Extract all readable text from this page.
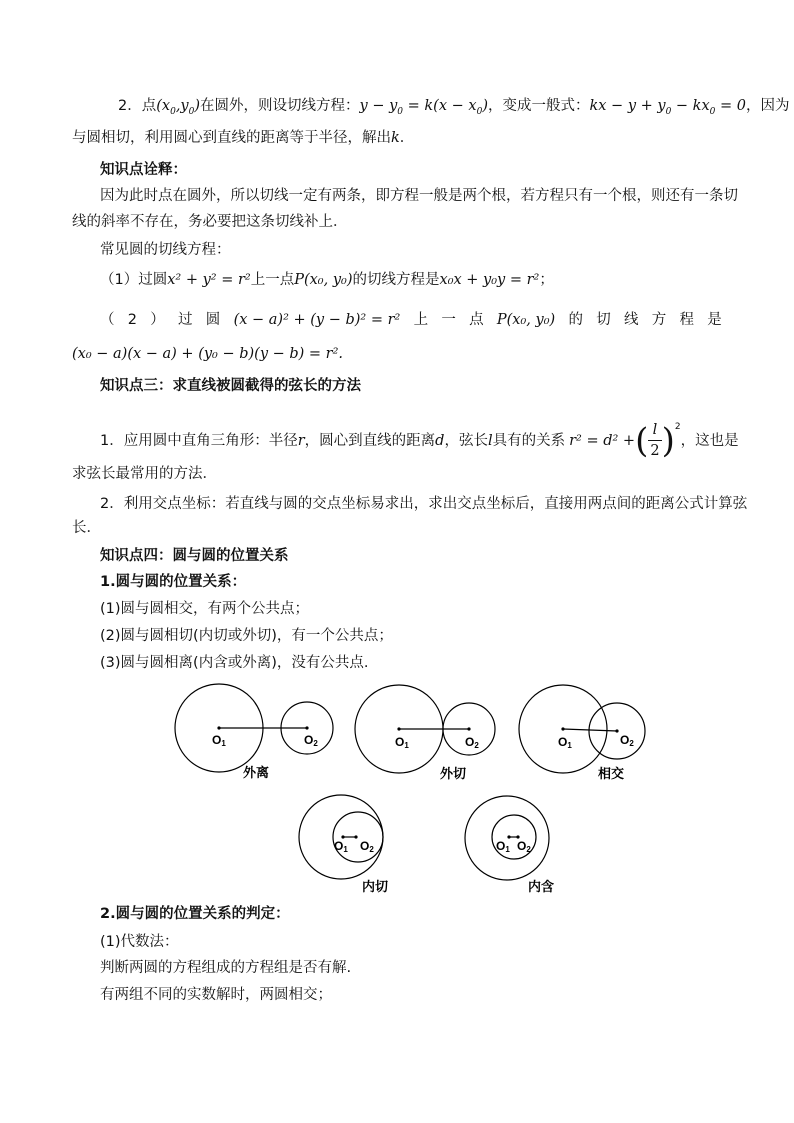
2．点$(x_0,y_0)$在圆外，则设切线方程：$y - y_0 = k(x - x_0)$，变成一般式：kx − $y + y_0 - kx_0 = 0$，因为
与圆相切，利用圆心到直线的距离等于半径，解出k．
知识点诠释：
因为此时点在圆外，所以切线一定有两条，即方程一般是两个根，若方程只有一个根，则还有一条切
线的斜率不存在，务必要把这条切线补上．
常见圆的切线方程：
（1）过圆x² + y² = r²上一点P(x₀, y₀)的切线方程是x₀x + y₀y = r²；
（ 2 ） 过 圆 (x − a)² + (y − b)² = r² 上 一 点 P(x₀, y₀) 的 切 线 方 程 是
(x₀ − a)(x − a) + (y₀ − b)(y − b) = r².
知识点三：求直线被圆截得的弦长的方法
1．应用圆中直角三角形：半径 r ，圆心到直线的距离 d ，弦长 l 具有的关系 r² = d² + ( $\frac{l}{2} )^2$
，这也是
求弦长最常用的方法．
2．利用交点坐标：若直线与圆的交点坐标易求出，求出交点坐标后，直接用两点间的距离公式计算弦
长．
知识点四：圆与圆的位置关系
1.圆与圆的位置关系：
(1)圆与圆相交，有两个公共点；
(2)圆与圆相切(内切或外切)，有一个公共点；
(3)圆与圆相离(内含或外离)，没有公共点.
O1	O2	O1	O2	O1	O2
O1 O2	O1 O2
外离	外切	相交
内切	内含
2.圆与圆的位置关系的判定：
(1)代数法：
判断两圆的方程组成的方程组是否有解.
有两组不同的实数解时，两圆相交；
